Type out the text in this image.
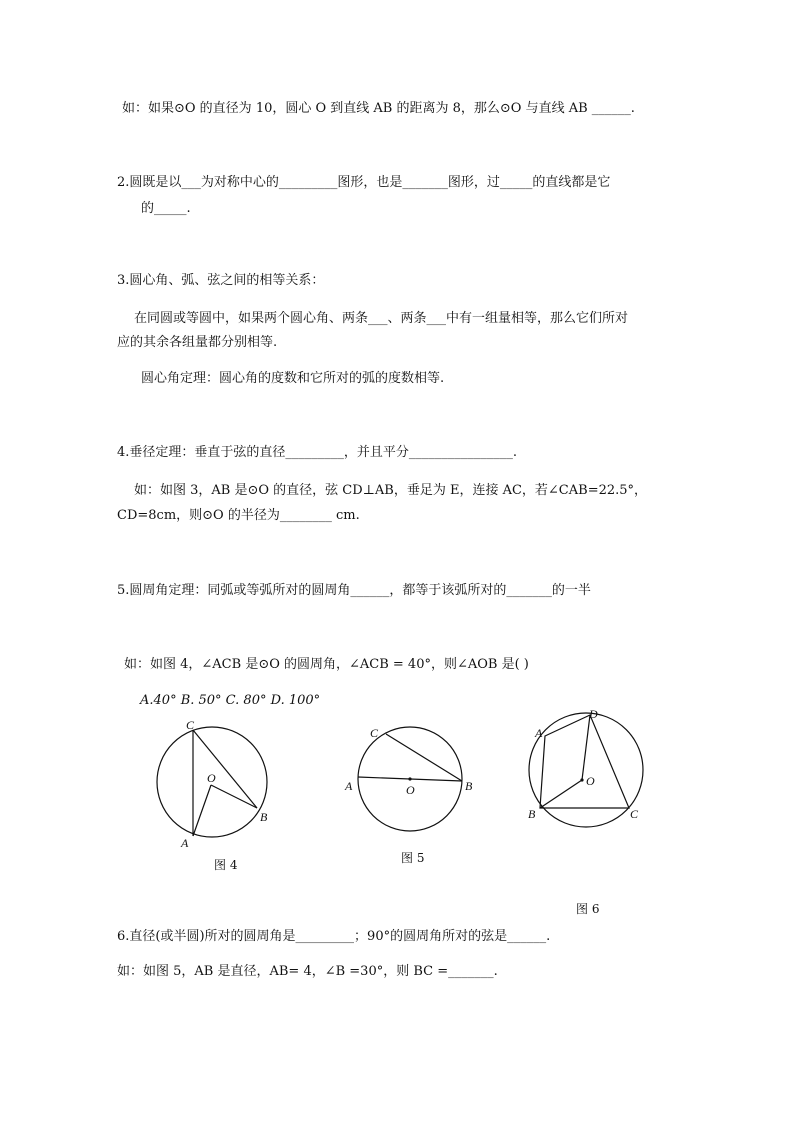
如：如果⊙O 的直径为 10，圆心 O 到直线 AB 的距离为 8，那么⊙O 与直线 AB ______.
2.圆既是以___为对称中心的_________图形，也是_______图形，过_____的直线都是它
的_____.
3.圆心角、弧、弦之间的相等关系：
在同圆或等圆中，如果两个圆心角、两条___、两条___中有一组量相等，那么它们所对
应的其余各组量都分别相等.
圆心角定理：圆心角的度数和它所对的弧的度数相等.
4.垂径定理：垂直于弦的直径_________，并且平分________________.
如：如图 3，AB 是⊙O 的直径，弦 CD⊥AB，垂足为 E，连接 AC，若∠CAB=22.5°，
CD=8cm，则⊙O 的半径为________ cm.
5.圆周角定理：同弧或等弧所对的圆周角______，都等于该弧所对的_______的一半
如：如图 4，∠ACB 是⊙O 的圆周角，∠ACB = 40°，则∠AOB 是( )
A.40° B. 50° C. 80° D. 100°
C
O
B
A
图 4
C
A	O	B
图 5
A
D
O
B	C
图 6
6.直径(或半圆)所对的圆周角是_________；90°的圆周角所对的弦是______.
如：如图 5，AB 是直径，AB= 4，∠B =30°，则 BC =_______.
